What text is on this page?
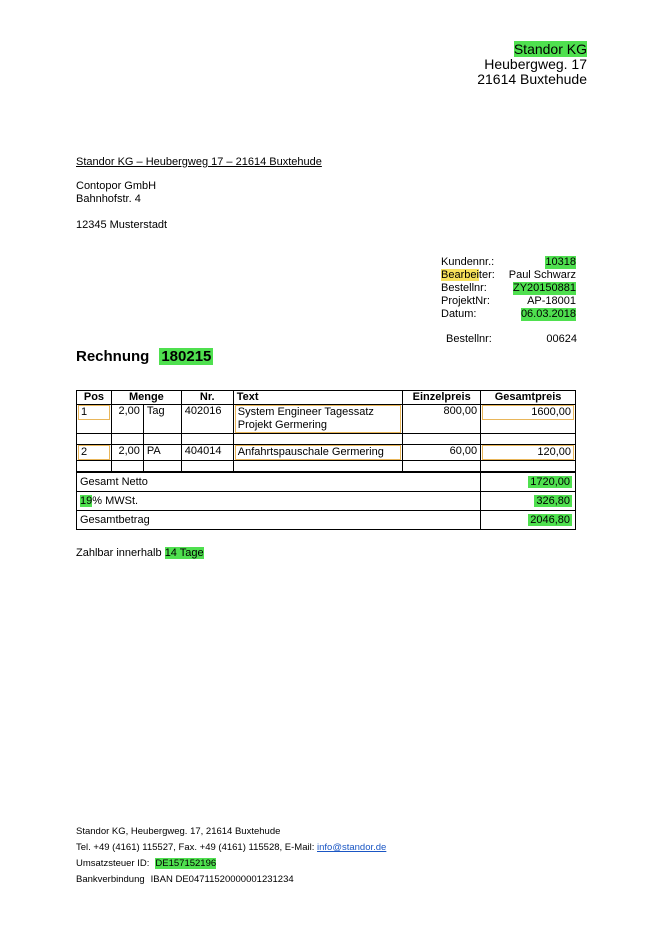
Standor KG
Heubergweg. 17
21614 Buxtehude
Standor KG – Heubergweg 17 – 21614 Buxtehude
Contopor GmbH
Bahnhofstr. 4
12345 Musterstadt
Kundennr.:	10318
Bearbeiter: Paul Schwarz
Bestellnr: ZY20150881
ProjektNr:	AP-18001
Datum:	06.03.2018
Bestellnr:	00624
Rechnung 180215
Pos	Menge		Nr.	Text	Einzelpreis	Gesamtpreis

1	2,00	Tag	402016	System Engineer Tagessatz
Projekt Germering	800,00	1600,00

2	2,00	PA	404014	Anfahrtspauschale Germering	60,00	120,00

Gesamt Netto	1720,00
19% MWSt.	326,80
Gesamtbetrag	2046,80
Zahlbar innerhalb 14 Tage
Standor KG, Heubergweg. 17, 21614 Buxtehude
Tel. +49 (4161) 115527, Fax. +49 (4161) 115528, E-Mail: info@standor.de
Umsatzsteuer ID: DE157152196
Bankverbindung IBAN DE04711520000001231234
